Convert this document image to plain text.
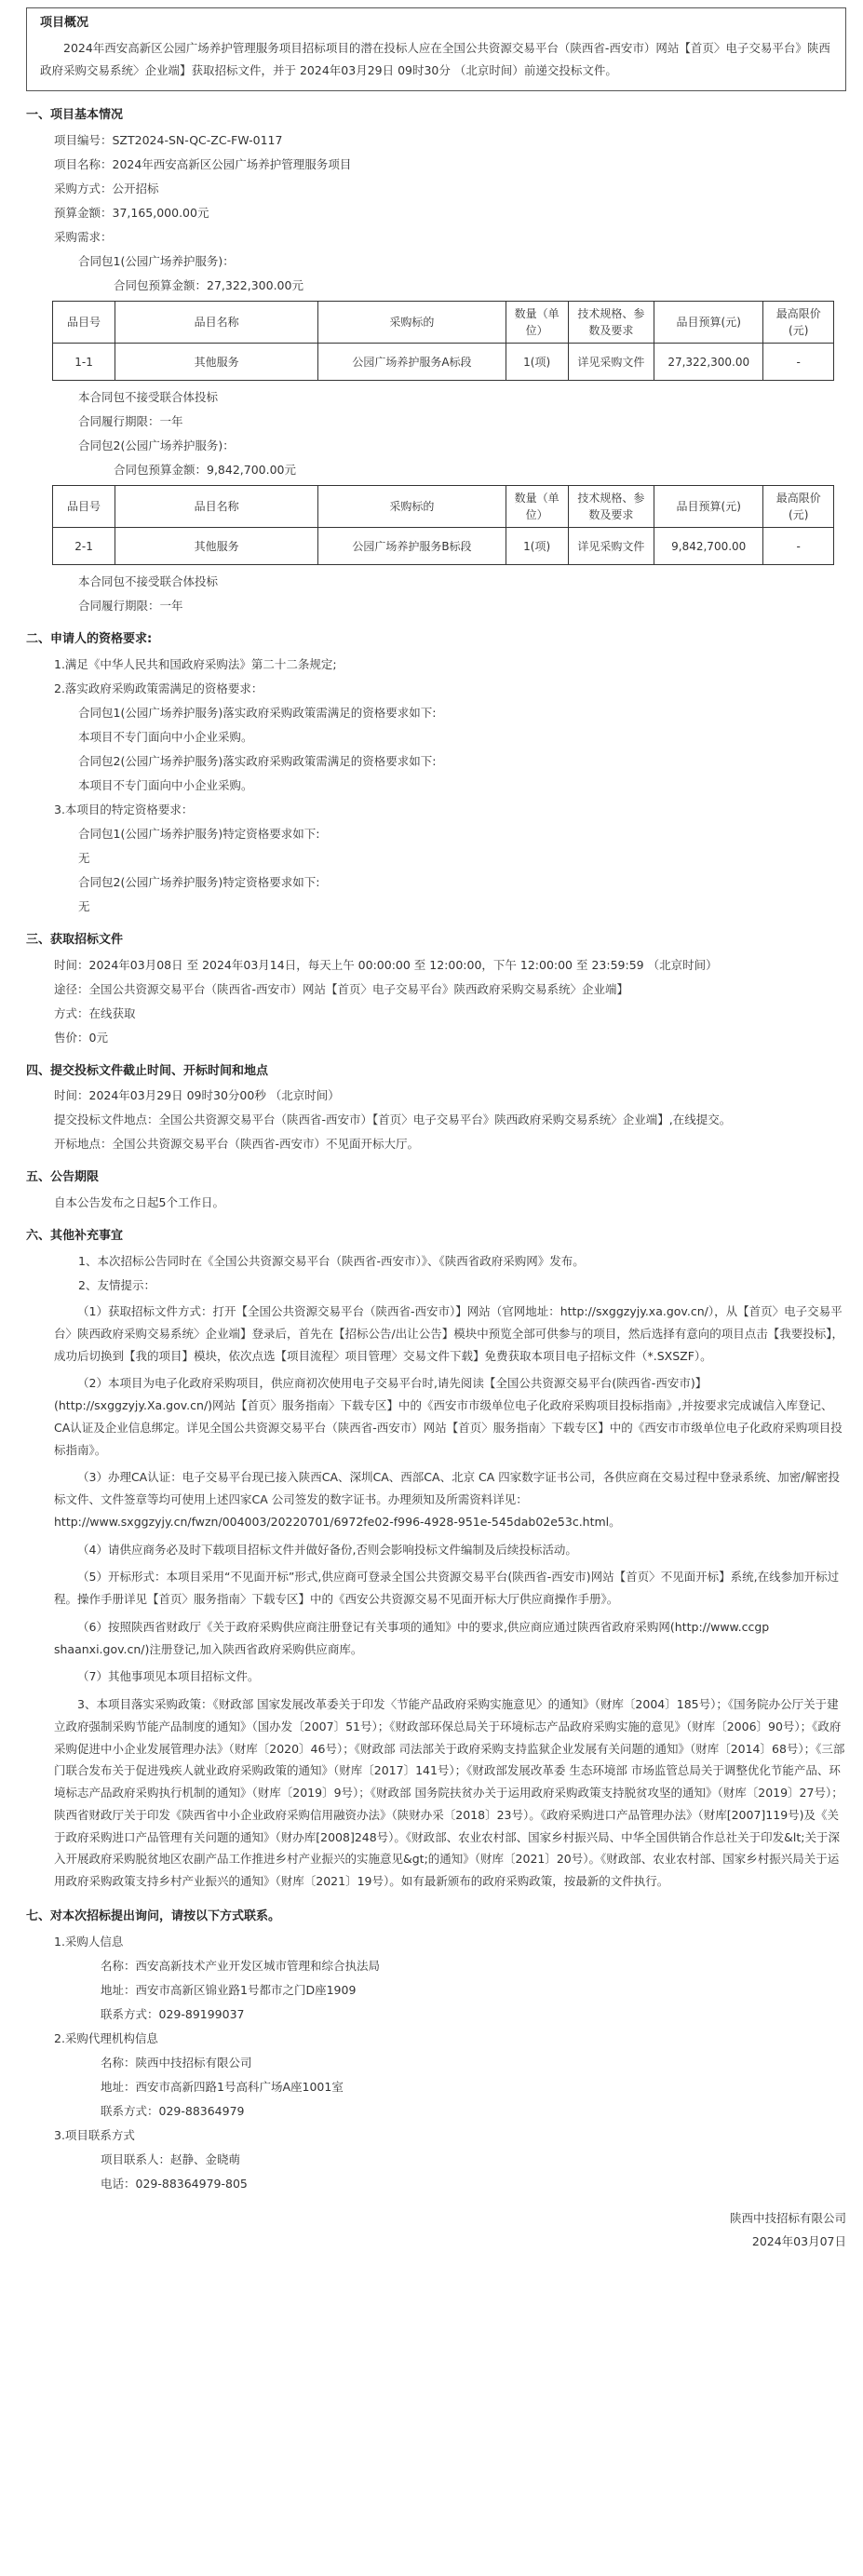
项目概况
2024年西安高新区公园广场养护管理服务项目招标项目的潜在投标人应在全国公共资源交易平台（陕西省-西安市）网站【首页〉电子交易平台》陕西政府采购交易系统〉企业端】获取招标文件，并于 2024年03月29日 09时30分 （北京时间）前递交投标文件。
一、项目基本情况
项目编号：SZT2024-SN-QC-ZC-FW-0117
项目名称：2024年西安高新区公园广场养护管理服务项目
采购方式：公开招标
预算金额：37,165,000.00元
采购需求：
合同包1(公园广场养护服务)：
合同包预算金额：27,322,300.00元
品目号	品目名称	采购标的	数量（单位）	技术规格、参数及要求	品目预算(元)	最高限价(元)
1-1	其他服务	公园广场养护服务A标段	1(项)	详见采购文件	27,322,300.00	-
本合同包不接受联合体投标
合同履行期限：一年
合同包2(公园广场养护服务)：
合同包预算金额：9,842,700.00元
品目号	品目名称	采购标的	数量（单位）	技术规格、参数及要求	品目预算(元)	最高限价(元)
2-1	其他服务	公园广场养护服务B标段	1(项)	详见采购文件	9,842,700.00	-
本合同包不接受联合体投标
合同履行期限：一年
二、申请人的资格要求:
1.满足《中华人民共和国政府采购法》第二十二条规定;
2.落实政府采购政策需满足的资格要求：
合同包1(公园广场养护服务)落实政府采购政策需满足的资格要求如下:
本项目不专门面向中小企业采购。
合同包2(公园广场养护服务)落实政府采购政策需满足的资格要求如下:
本项目不专门面向中小企业采购。
3.本项目的特定资格要求：
合同包1(公园广场养护服务)特定资格要求如下:
无
合同包2(公园广场养护服务)特定资格要求如下:
无
三、获取招标文件
时间：2024年03月08日 至 2024年03月14日，每天上午 00:00:00 至 12:00:00，下午 12:00:00 至 23:59:59 （北京时间）
途径：全国公共资源交易平台（陕西省-西安市）网站【首页〉电子交易平台》陕西政府采购交易系统〉企业端】
方式：在线获取
售价：0元
四、提交投标文件截止时间、开标时间和地点
时间：2024年03月29日 09时30分00秒 （北京时间）
提交投标文件地点：全国公共资源交易平台（陕西省-西安市）【首页〉电子交易平台》陕西政府采购交易系统〉企业端】,在线提交。
开标地点：全国公共资源交易平台（陕西省-西安市）不见面开标大厅。
五、公告期限
自本公告发布之日起5个工作日。
六、其他补充事宜
1、本次招标公告同时在《全国公共资源交易平台（陕西省-西安市）》、《陕西省政府采购网》发布。
2、友情提示：
（1）获取招标文件方式：打开【全国公共资源交易平台（陕西省-西安市）】网站（官网地址：http://sxggzyjy.xa.gov.cn/），从【首页〉电子交易平台〉陕西政府采购交易系统〉企业端】登录后，首先在【招标公告/出让公告】模块中预览全部可供参与的项目，然后选择有意向的项目点击【我要投标】，成功后切换到【我的项目】模块，依次点选【项目流程〉项目管理〉交易文件下载】免费获取本项目电子招标文件（*.SXSZF）。
（2）本项目为电子化政府采购项目，供应商初次使用电子交易平台时,请先阅读【全国公共资源交易平台(陕西省-西安市)】(http://sxggzyjy.Xa.gov.cn/)网站【首页〉服务指南〉下载专区】中的《西安市市级单位电子化政府采购项目投标指南》,并按要求完成诚信入库登记、CA认证及企业信息绑定。详见全国公共资源交易平台（陕西省-西安市）网站【首页〉服务指南〉下载专区】中的《西安市市级单位电子化政府采购项目投标指南》。
（3）办理CA认证：电子交易平台现已接入陕西CA、深圳CA、西部CA、北京 CA 四家数字证书公司，各供应商在交易过程中登录系统、加密/解密投标文件、文件签章等均可使用上述四家CA 公司签发的数字证书。办理须知及所需资料详见：http://www.sxggzyjy.cn/fwzn/004003/20220701/6972fe02-f996-4928-951e-545dab02e53c.html。
（4）请供应商务必及时下载项目招标文件并做好备份,否则会影响投标文件编制及后续投标活动。
（5）开标形式：本项目采用“不见面开标”形式,供应商可登录全国公共资源交易平台(陕西省-西安市)网站【首页〉不见面开标】系统,在线参加开标过程。操作手册详见【首页〉服务指南〉下载专区】中的《西安公共资源交易不见面开标大厅供应商操作手册》。
（6）按照陕西省财政厅《关于政府采购供应商注册登记有关事项的通知》中的要求,供应商应通过陕西省政府采购网(http://www.ccgp shaanxi.gov.cn/)注册登记,加入陕西省政府采购供应商库。
（7）其他事项见本项目招标文件。
3、本项目落实采购政策：《财政部 国家发展改革委关于印发〈节能产品政府采购实施意见〉的通知》（财库〔2004〕185号）；《国务院办公厅关于建立政府强制采购节能产品制度的通知》（国办发〔2007〕51号）；《财政部环保总局关于环境标志产品政府采购实施的意见》（财库〔2006〕90号）；《政府采购促进中小企业发展管理办法》（财库〔2020〕46号）；《财政部 司法部关于政府采购支持监狱企业发展有关问题的通知》（财库〔2014〕68号）；《三部门联合发布关于促进残疾人就业政府采购政策的通知》（财库〔2017〕141号）；《财政部发展改革委 生态环境部 市场监管总局关于调整优化节能产品、环境标志产品政府采购执行机制的通知》（财库〔2019〕9号）；《财政部 国务院扶贫办关于运用政府采购政策支持脱贫攻坚的通知》（财库〔2019〕27号）；陕西省财政厅关于印发《陕西省中小企业政府采购信用融资办法》（陕财办采〔2018〕23号）。《政府采购进口产品管理办法》（财库[2007]119号)及《关于政府采购进口产品管理有关问题的通知》（财办库[2008]248号）。《财政部、农业农村部、国家乡村振兴局、中华全国供销合作总社关于印发&lt;关于深入开展政府采购脱贫地区农副产品工作推进乡村产业振兴的实施意见&gt;的通知》（财库〔2021〕20号）。《财政部、农业农村部、国家乡村振兴局关于运用政府采购政策支持乡村产业振兴的通知》（财库〔2021〕19号）。如有最新颁布的政府采购政策，按最新的文件执行。
七、对本次招标提出询问，请按以下方式联系。
1.采购人信息
名称：西安高新技术产业开发区城市管理和综合执法局
地址：西安市高新区锦业路1号都市之门D座1909
联系方式：029-89199037
2.采购代理机构信息
名称：陕西中技招标有限公司
地址：西安市高新四路1号高科广场A座1001室
联系方式：029-88364979
3.项目联系方式
项目联系人：赵静、金晓萌
电话：029-88364979-805
陕西中技招标有限公司
2024年03月07日
